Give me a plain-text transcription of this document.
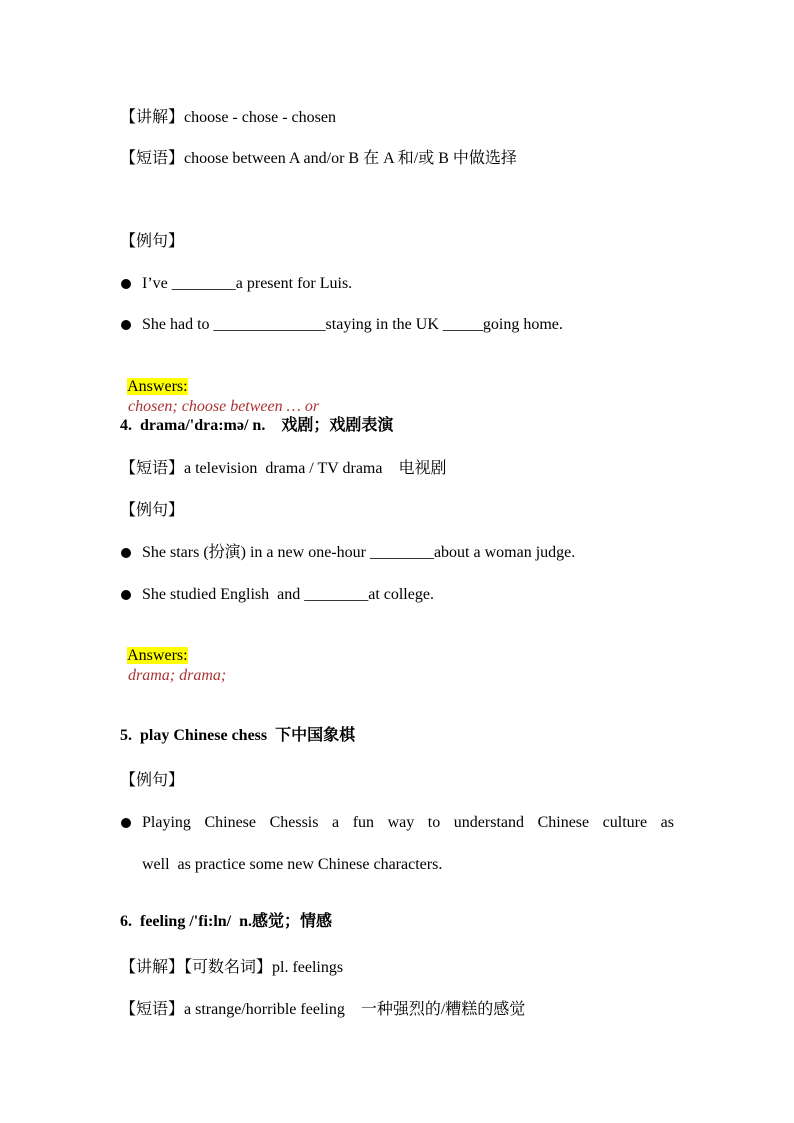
【讲解】choose - chose - chosen
【短语】choose between A and/or B 在 A 和/或 B 中做选择
【例句】
I’ve ________a present for Luis.
She had to ______________staying in the UK _____going home.

Answers:
chosen; choose between … or

4.  drama/'dra:mə/ n.    戏剧；戏剧表演
【短语】a television  drama / TV drama    电视剧
【例句】
She stars (扮演) in a new one-hour ________about a woman judge.
She studied English  and ________at college.

Answers:
drama; drama;

5.  play Chinese chess  下中国象棋
【例句】
Playing Chinese Chessis a fun way to understand Chinese culture as
well  as practice some new Chinese characters.
6.  feeling /'fi:ln/  n.感觉；情感
【讲解】【可数名词】pl. feelings
【短语】a strange/horrible feeling    一种强烈的/糟糕的感觉
